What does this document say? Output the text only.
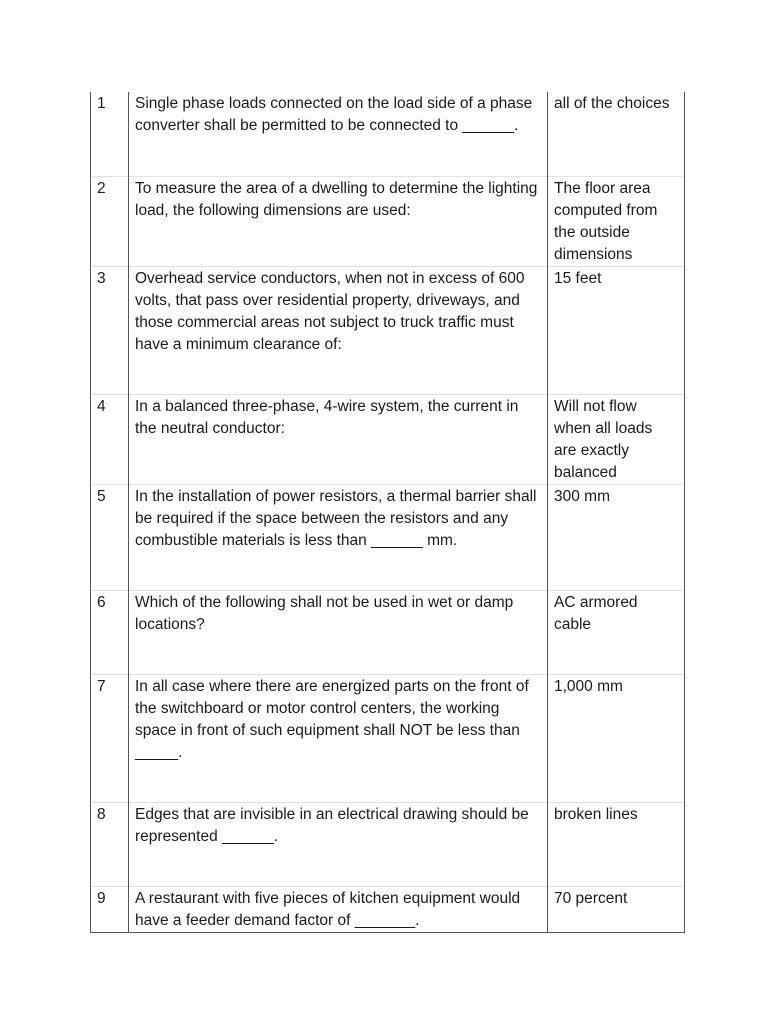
1	Single phase loads connected on the load side of a phase converter shall be permitted to be connected to ______.	all of the choices
2	To measure the area of a dwelling to determine the lighting load, the following dimensions are used:	The floor area computed from the outside dimensions
3	Overhead service conductors, when not in excess of 600 volts, that pass over residential property, driveways, and those commercial areas not subject to truck traffic must have a minimum clearance of:	15 feet
4	In a balanced three-phase, 4-wire system, the current in the neutral conductor:	Will not flow when all loads are exactly balanced
5	In the installation of power resistors, a thermal barrier shall be required if the space between the resistors and any combustible materials is less than ______ mm.	300 mm
6	Which of the following shall not be used in wet or damp locations?	AC armored cable
7	In all case where there are energized parts on the front of the switchboard or motor control centers, the working space in front of such equipment shall NOT be less than _____.	1,000 mm
8	Edges that are invisible in an electrical drawing should be represented ______.	broken lines
9	A restaurant with five pieces of kitchen equipment would have a feeder demand factor of _______.	70 percent
